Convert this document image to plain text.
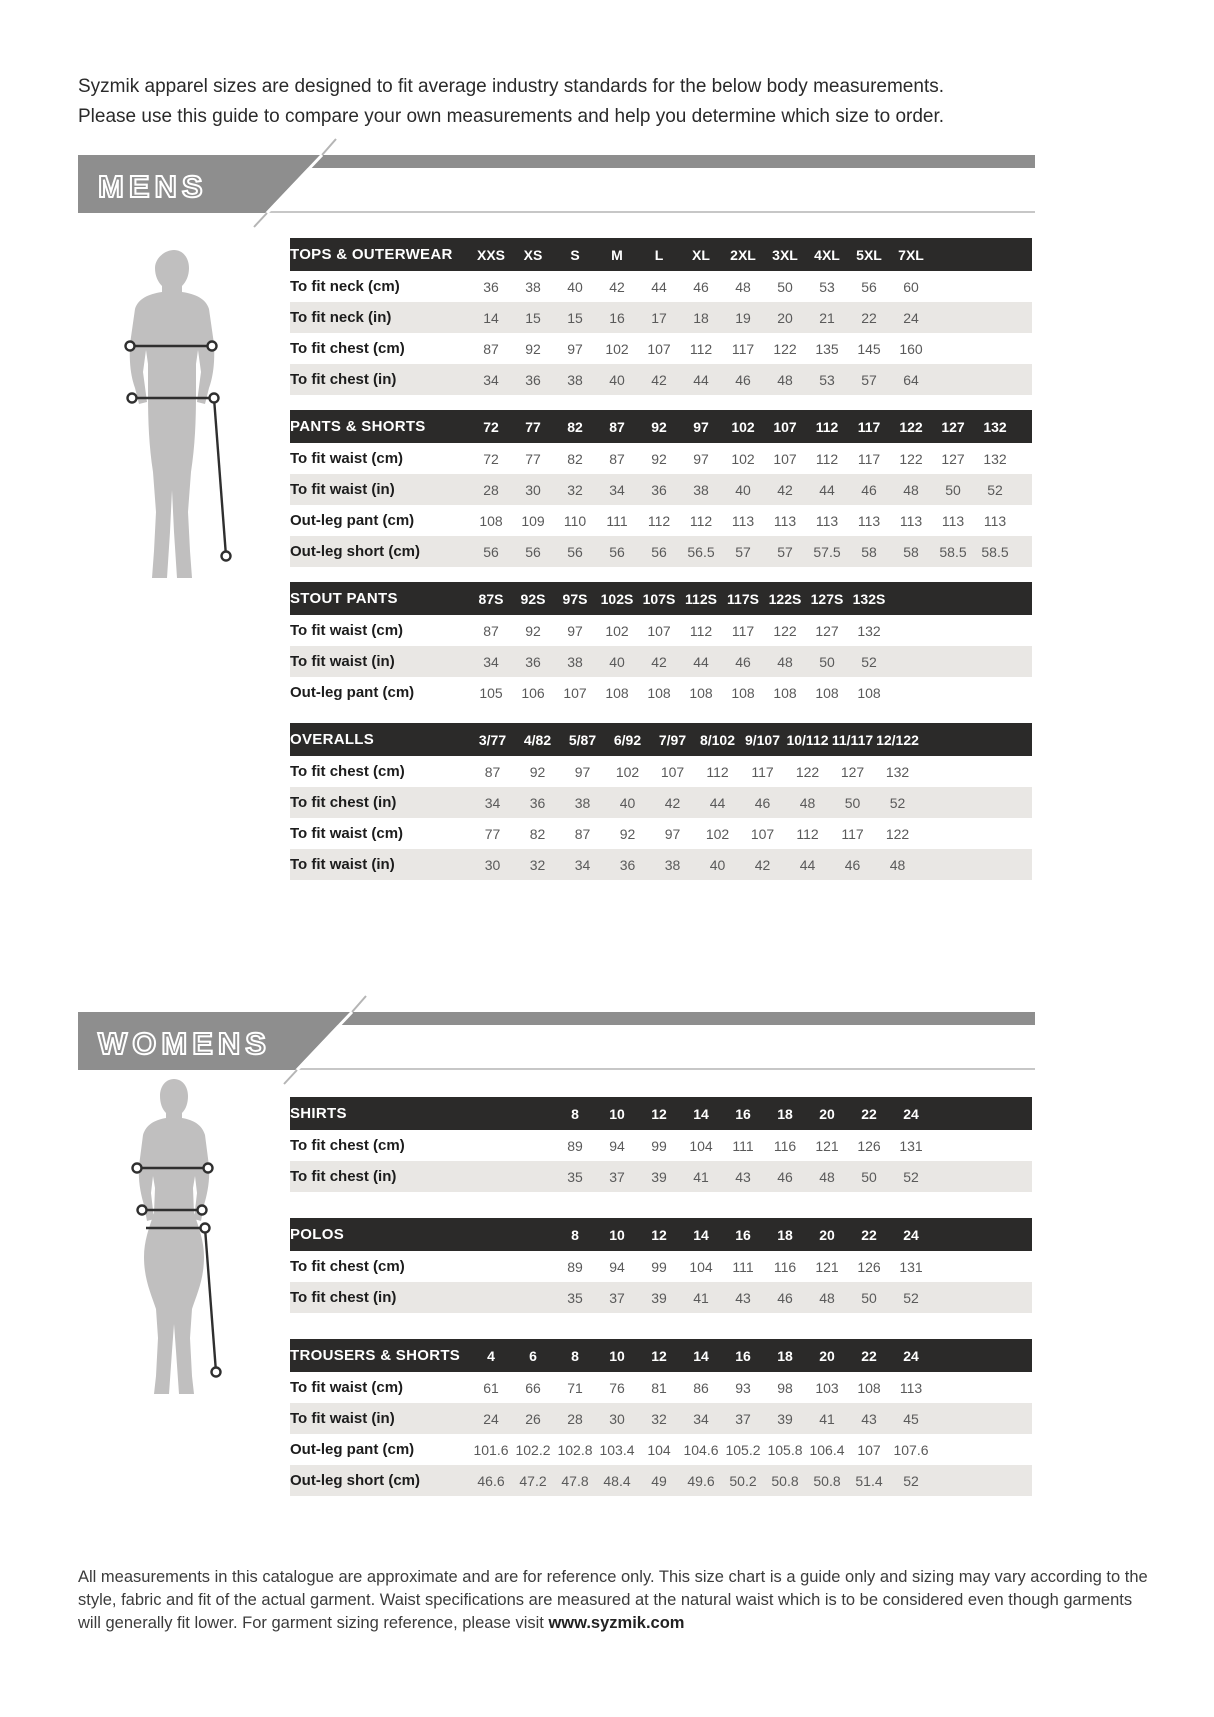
Syzmik apparel sizes are designed to fit average industry standards for the below body measurements.
Please use this guide to compare your own measurements and help you determine which size to order.
MENS
TOPS & OUTERWEAR	XXS	XS	S	M	L	XL	2XL	3XL	4XL	5XL	7XL	
To fit neck (cm)	36	38	40	42	44	46	48	50	53	56	60	
To fit neck (in)	14	15	15	16	17	18	19	20	21	22	24	
To fit chest (cm)	87	92	97	102	107	112	117	122	135	145	160	
To fit chest (in)	34	36	38	40	42	44	46	48	53	57	64	
PANTS & SHORTS	72	77	82	87	92	97	102	107	112	117	122	127	132	
To fit waist (cm)	72	77	82	87	92	97	102	107	112	117	122	127	132	
To fit waist (in)	28	30	32	34	36	38	40	42	44	46	48	50	52	
Out-leg pant (cm)	108	109	110	111	112	112	113	113	113	113	113	113	113	
Out-leg short (cm)	56	56	56	56	56	56.5	57	57	57.5	58	58	58.5	58.5	
STOUT PANTS	87S	92S	97S	102S	107S	112S	117S	122S	127S	132S	
To fit waist (cm)	87	92	97	102	107	112	117	122	127	132	
To fit waist (in)	34	36	38	40	42	44	46	48	50	52	
Out-leg pant (cm)	105	106	107	108	108	108	108	108	108	108	
OVERALLS	3/77	4/82	5/87	6/92	7/97	8/102	9/107	10/112	11/117	12/122	
To fit chest (cm)	87	92	97	102	107	112	117	122	127	132	
To fit chest (in)	34	36	38	40	42	44	46	48	50	52	
To fit waist (cm)	77	82	87	92	97	102	107	112	117	122	
To fit waist (in)	30	32	34	36	38	40	42	44	46	48	
WOMENS
SHIRTS			8	10	12	14	16	18	20	22	24	
To fit chest (cm)			89	94	99	104	111	116	121	126	131	
To fit chest (in)			35	37	39	41	43	46	48	50	52	
POLOS			8	10	12	14	16	18	20	22	24	
To fit chest (cm)			89	94	99	104	111	116	121	126	131	
To fit chest (in)			35	37	39	41	43	46	48	50	52	
TROUSERS & SHORTS	4	6	8	10	12	14	16	18	20	22	24	
To fit waist (cm)	61	66	71	76	81	86	93	98	103	108	113	
To fit waist (in)	24	26	28	30	32	34	37	39	41	43	45	
Out-leg pant (cm)	101.6	102.2	102.8	103.4	104	104.6	105.2	105.8	106.4	107	107.6	
Out-leg short (cm)	46.6	47.2	47.8	48.4	49	49.6	50.2	50.8	50.8	51.4	52	
All measurements in this catalogue are approximate and are for reference only. This size chart is a guide only and sizing may vary according to the style, fabric and fit of the actual garment. Waist specifications are measured at the natural waist which is to be considered even though garments will generally fit lower. For garment sizing reference, please visit www.syzmik.com
